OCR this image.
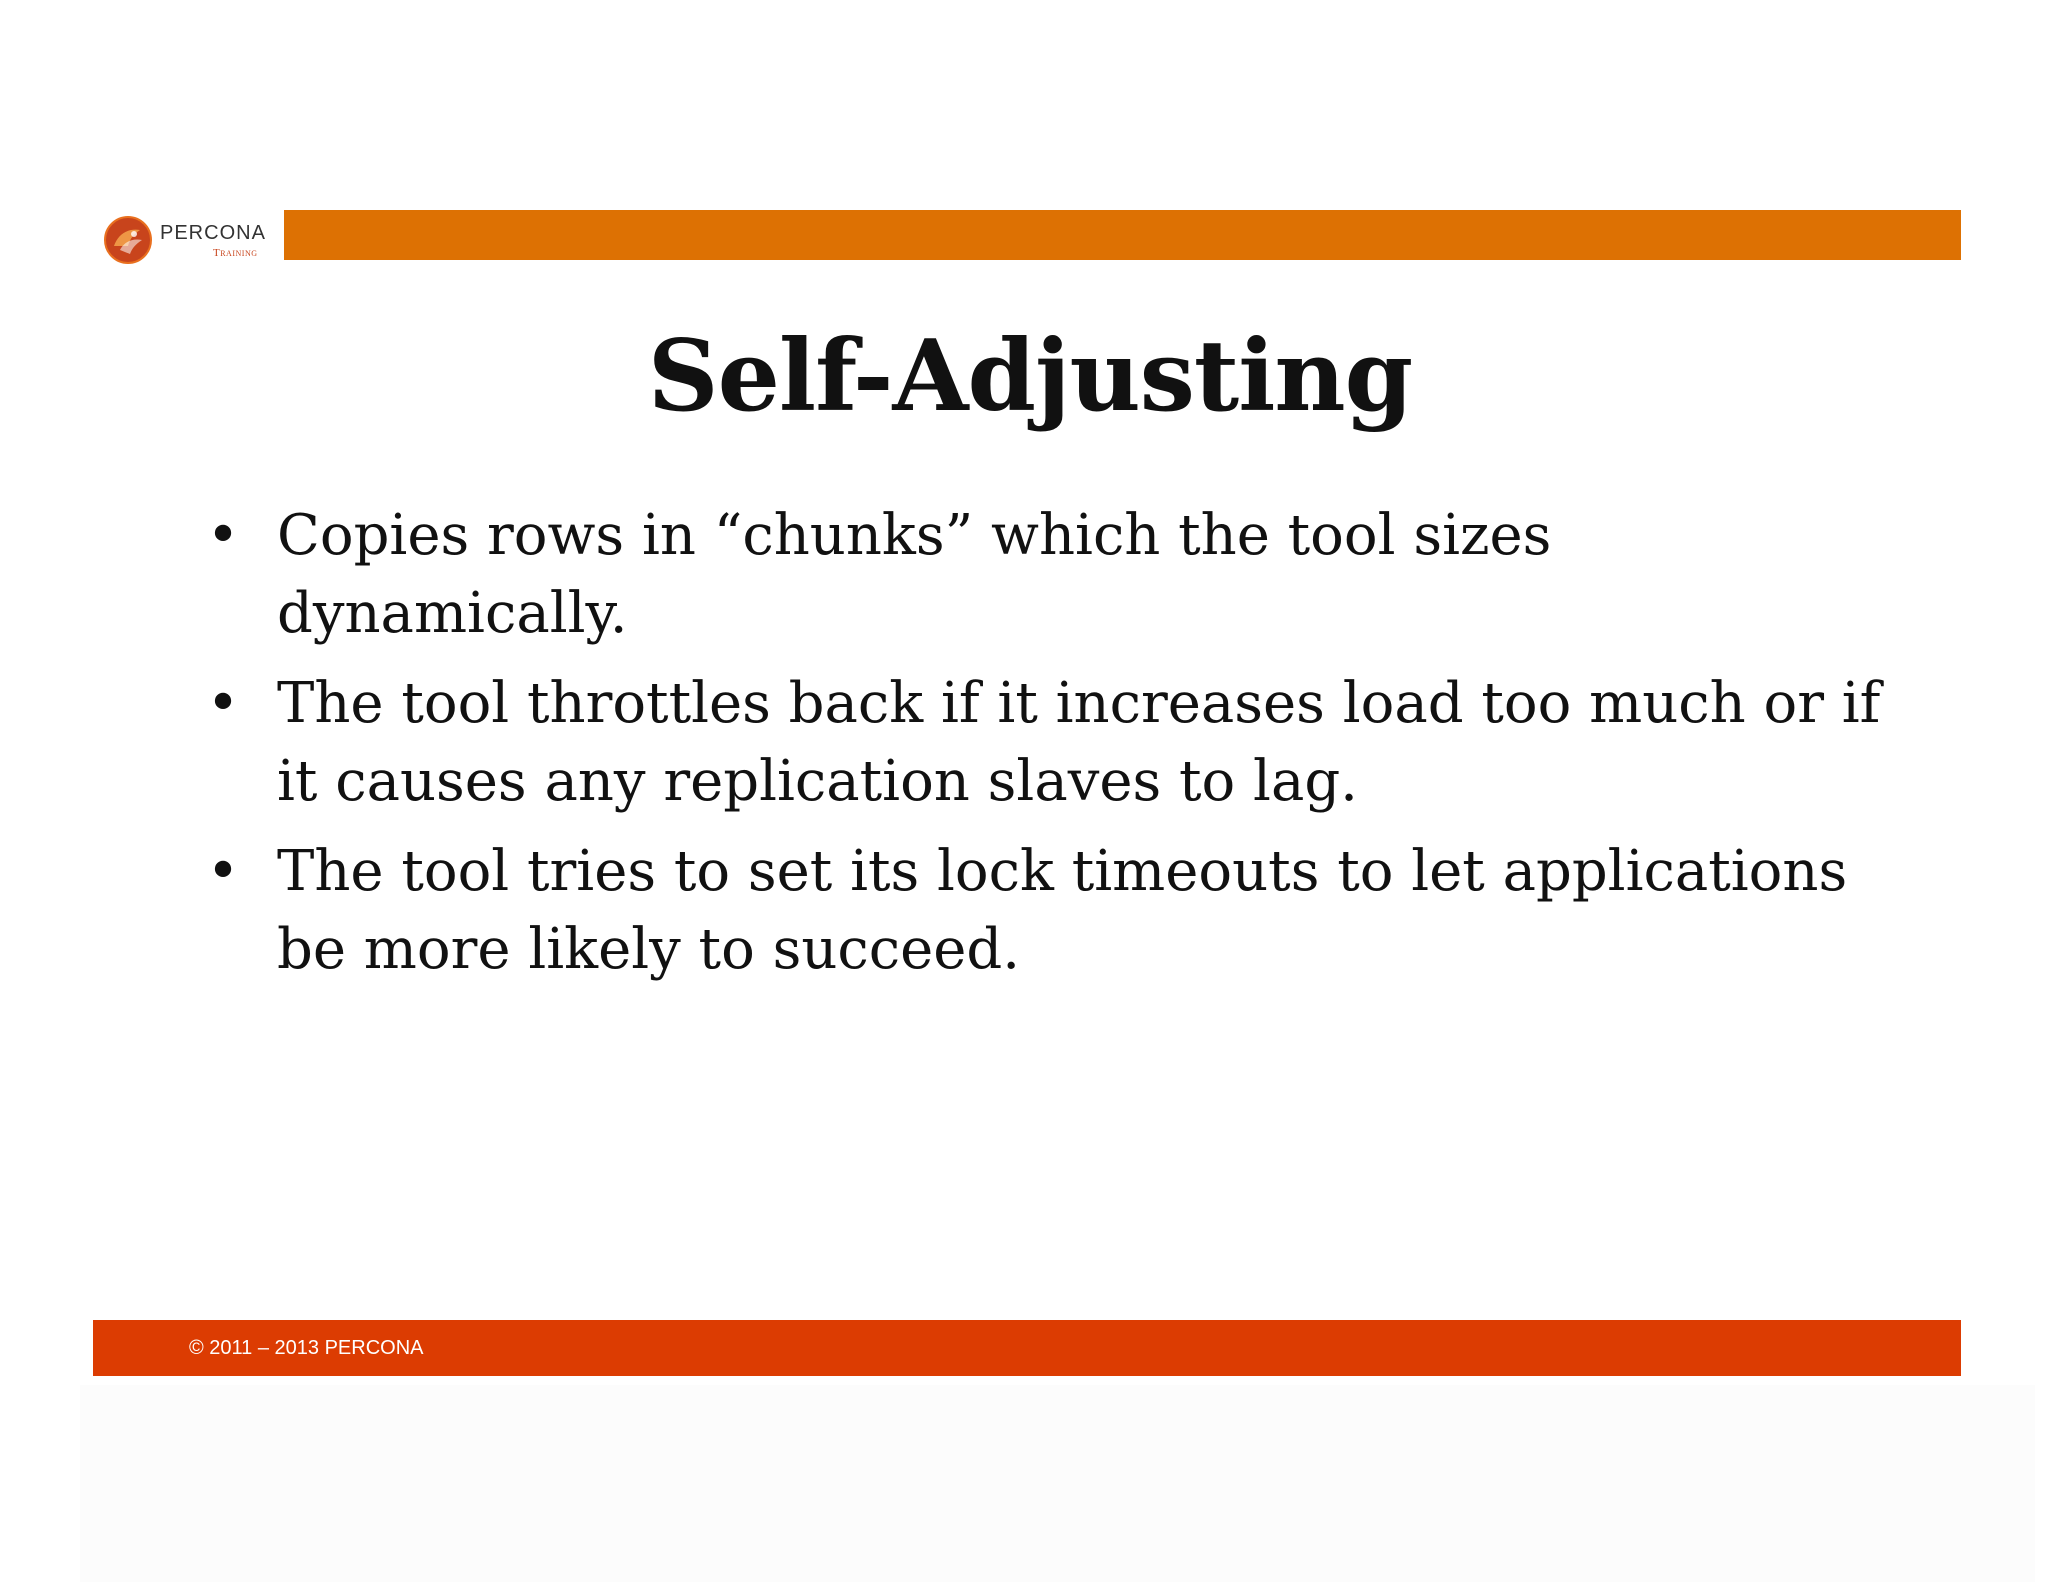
PERCONA
Training
Self-Adjusting
• Copies rows in “chunks” which the tool sizes dynamically.
• The tool throttles back if it increases load too much or if it causes any replication slaves to lag.
• The tool tries to set its lock timeouts to let applications be more likely to succeed.
© 2011 – 2013 PERCONA
